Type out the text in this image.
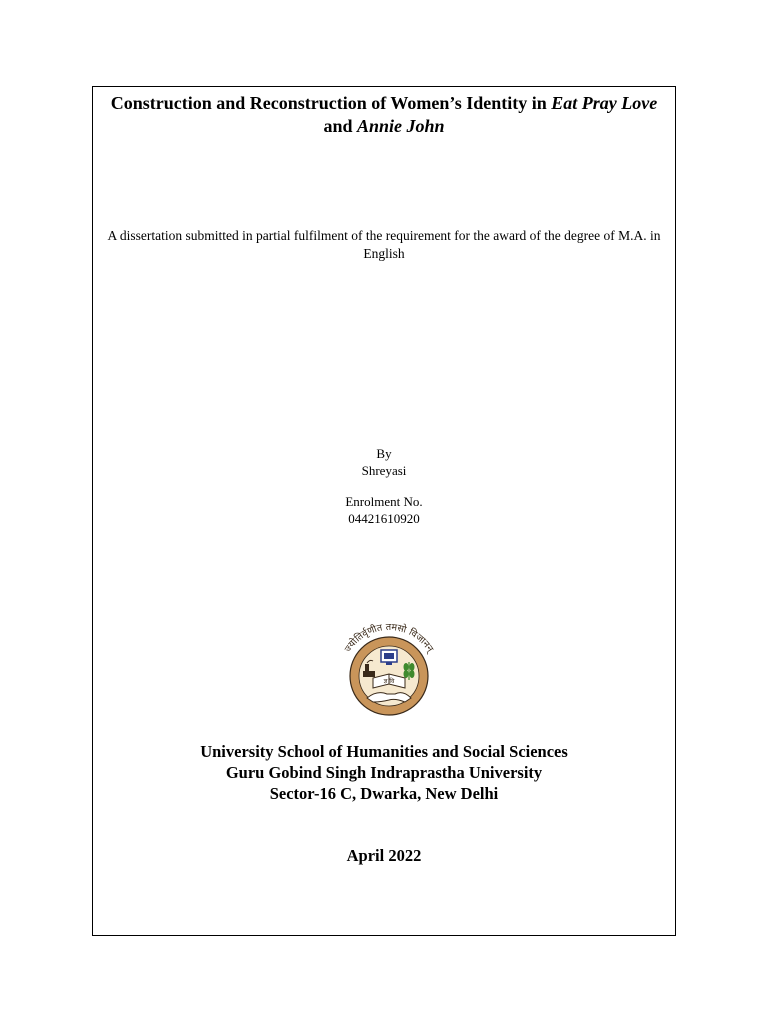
Construction and Reconstruction of Women’s Identity in Eat Pray Love and Annie John
A dissertation submitted in partial fulfilment of the requirement for the award of the degree of M.A. in English
By
Shreyasi
Enrolment No.
04421610920
ज्योतिर्वृणीत तमसो विजानन्
ज्ञ वि
University School of Humanities and Social Sciences
Guru Gobind Singh Indraprastha University
Sector-16 C, Dwarka, New Delhi
April 2022
